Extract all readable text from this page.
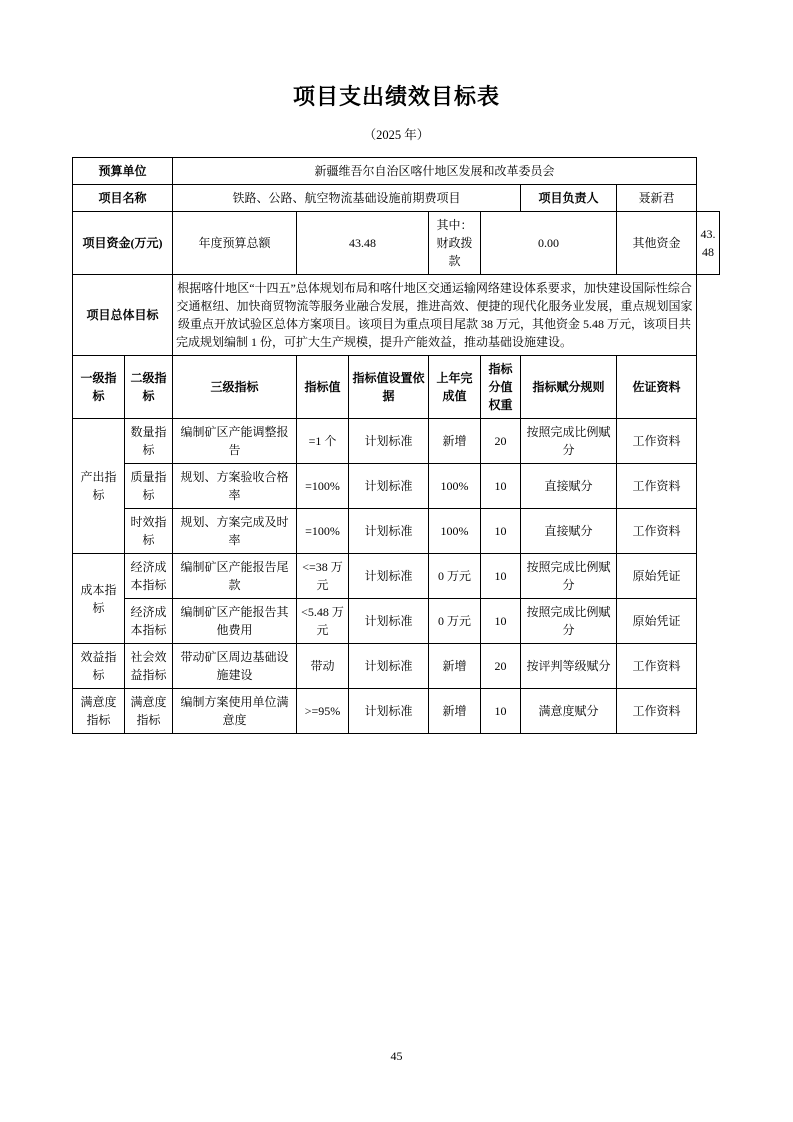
项目支出绩效目标表
（2025 年）
预算单位		新疆维吾尔自治区喀什地区发展和改革委员会							
项目名称		铁路、公路、航空物流基础设施前期费项目					项目负责人	聂新君	
项目资金(万元)		年度预算总额	43.48		其中：财政拨款	0.00		其他资金	43.48
项目总体目标		根据喀什地区“十四五”总体规划布局和喀什地区交通运输网络建设体系要求，加快建设国际性综合交通枢纽、加快商贸物流等服务业融合发展，推进高效、便捷的现代化服务业发展，重点规划国家级重点开放试验区总体方案项目。该项目为重点项目尾款 38 万元，其他资金 5.48 万元，该项目共完成规划编制 1 份，可扩大生产规模，提升产能效益，推动基础设施建设。							
一级指标	二级指标	三级指标	指标值	指标值设置依据	上年完成值	指标分值权重	指标赋分规则	佐证资料	
产出指标	数量指标	编制矿区产能调整报告	=1 个	计划标准	新增	20	按照完成比例赋分	工作资料	
	质量指标	规划、方案验收合格率	=100%	计划标准	100%	10	直接赋分	工作资料	
	时效指标	规划、方案完成及时率	=100%	计划标准	100%	10	直接赋分	工作资料	
成本指标	经济成本指标	编制矿区产能报告尾款	<=38 万元	计划标准	0 万元	10	按照完成比例赋分	原始凭证	
	经济成本指标	编制矿区产能报告其他费用	<5.48 万元	计划标准	0 万元	10	按照完成比例赋分	原始凭证	
效益指标	社会效益指标	带动矿区周边基础设施建设	带动	计划标准	新增	20	按评判等级赋分	工作资料	
满意度指标	满意度指标	编制方案使用单位满意度	>=95%	计划标准	新增	10	满意度赋分	工作资料	
45
